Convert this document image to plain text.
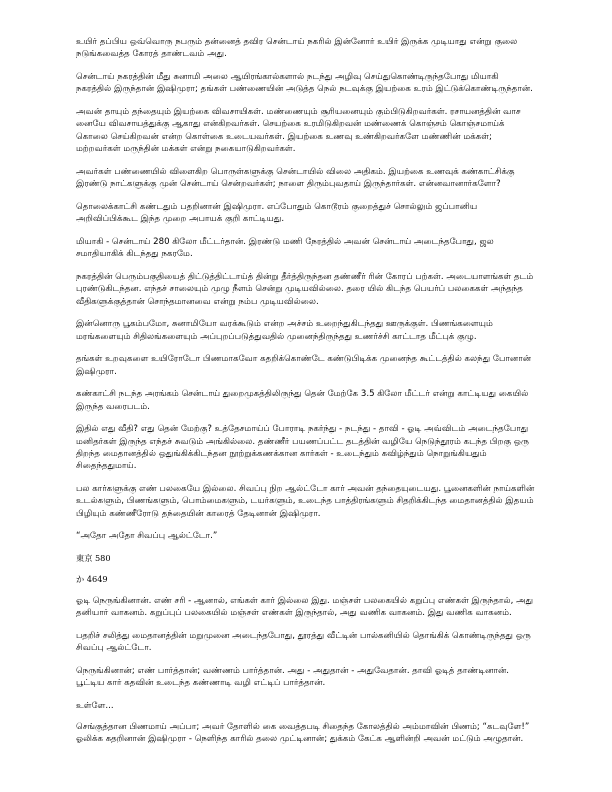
உயிர் தப்பிய ஒவ்வொரு நபரும் தன்னைத் தவிர சென்டாய் நகரில் இன்னோர் உயிர் இருக்க முடியாது என்று குலை நடுங்கவைத்த கோரத் தாண்டவம் அது.

சென்டாய் நகரத்தின் மீது சுனாமி அலை ஆயிரங்கால்களால் நடந்து அழிவு செய்துகொண்டிருந்தபோது மியாகி நகரத்தில் இருந்தான் இஷிமுரா; தங்கள் பண்ணையின் அடுத்த நெல் நடவுக்கு இயற்கை உரம் இட்டுக்கொண்டிருந்தான்.

அவன் தாயும் தந்தையும் இயற்கை விவசாயிகள். மண்ணையும் சூரியனையும் கும்பிடுகிறவர்கள். ரசாயனத்தின் வாச னையே விவசாயத்துக்கு ஆகாது என்கிறவர்கள். செயற்கை உரமிடுகிறவன் மண்ணைக் கொஞ்சம் கொஞ்சமாய்க் கொலை செய்கிறவன் என்ற கொள்கை உடையவர்கள். இயற்கை உணவு உண்கிறவர்களே மண்ணின் மக்கள்; மற்றவர்கள் மருந்தின் மக்கள் என்று நகையாடுகிறவர்கள்.

அவர்கள் பண்ணையில் விளைகிற பொருள்களுக்கு சென்டாயில் விலை அதிகம். இயற்கை உணவுக் கண்காட்சிக்கு இரண்டு நாட்களுக்கு முன் சென்டாய் சென்றவர்கள்; நாளை திரும்புவதாய் இருந்தார்கள். என்னவானார்களோ?

தொலைக்காட்சி கண்டதும் பதறினான் இஷிமுரா. எப்போதும் கொடூரம் குறைத்துச் சொல்லும் ஜப்பானிய அறிவிப்பிக்கூட இந்த முறை அபாயக் குறி காட்டியது.

மியாகி - சென்டாய் 280 கிலோ மீட்டர்தான். இரண்டு மணி நேரத்தில் அவன் சென்டாய் அடைந்தபோது, ஜல சமாதியாகிக் கிடந்தது நகரமே.

நகரத்தின் பெரும்பகுதியைத் திட்டுத்திட்டாய்த் தின்று தீர்த்திருந்தன தண்ணீர் ரின் கோரப் பற்கள். அடையாளங்கள் தடம் புரண்டுகிடந்தன. எந்தச் சாலையும் முழு நீளம் சென்று முடியவில்லை. தரை யில் கிடந்த பெயர்ப் பலகைகள் அந்தந்த வீதிகளுக்குத்தான் சொந்தமானவை என்று நம்ப முடியவில்லை.

இன்னொரு பூகம்பமோ, சுனாமியோ வரக்கூடும் என்ற அச்சம் உறைந்துகிடந்தது ஊருக்குள். பிணங்களையும் மரங்களையும் சிதிலங்களையும் அப்புறப்படுத்துவதில் முனைந்திருந்தது உணர்ச்சி காட்டாத மீட்புக் குழு.

தங்கள் உறவுகளை உயிரோடோ பிணமாகவோ கதறிக்கொண்டே கண்டுபிடிக்க முனைந்த கூட்டத்தில் கலந்து போனான் இஷிமுரா.

கண்காட்சி நடந்த அரங்கம் சென்டாய் துறைமுகத்திலிருந்து தென் மேற்கே 3.5 கிலோ மீட்டர் என்று காட்டியது கையில் இருந்த வரைபடம்.

இதில் எது வீதி? எது தென் மேற்கு? உத்தேசமாய்ப் போராடி நகர்ந்து - நடந்து - தாவி - ஓடி அவ்விடம் அடைந்தபோது மனிதர்கள் இருந்த எந்தச் சுவடும் அங்கில்லை. தண்ணீர் பயணப்பட்ட தடத்தின் வழியே நெடுந்தூரம் கடந்த பிறகு ஒரு திறந்த மைதானத்தில் ஒதுங்கிக்கிடந்தன நூற்றுக்கணக்கான கார்கள் - உடைந்தும் கவிழ்ந்தும் நொறுங்கியதும் சிதைந்ததுமாய்.

பல கார்களுக்கு எண் பலகையே இல்லை. சிவப்பு நிற ஆல்ட்டோ கார் அவன் தந்தையுடையது. பூனைகளின் நாய்களின் உடல்களும், பிணங்களும், பொம்மைகளும், டயர்களும், உடைந்த பாத்திரங்களும் சிதறிக்கிடந்த மைதானத்தில் இதயம் பிழியும் கண்ணீரோடு தந்தையின் காரைத் தேடினான் இஷிமுரா.

“அதோ அதோ சிவப்பு ஆல்ட்டோ.”

東京 580

か 4649

ஓடி நெருங்கினான். எண் சரி - ஆனால், எங்கள் கார் இல்லை இது. மஞ்சள் பலகையில் கறுப்பு எண்கள் இருந்தால், அது தனியார் வாகனம். கறுப்புப் பலகையில் மஞ்சள் எண்கள் இருந்தால், அது வணிக வாகனம். இது வணிக வாகனம்.

பதறிச் சலித்து மைதானத்தின் மறுமுனை அடைந்தபோது, தூரத்து வீட்டின் பால்கனியில் தொங்கிக் கொண்டிருந்தது ஒரு சிவப்பு ஆல்ட்டோ.

நெருங்கினான்; எண் பார்த்தான்; வண்ணம் பார்த்தான். அது - அதுதான் - அதுவேதான். தாவி ஓடித் தாண்டினான். பூட்டிய கார் கதவின் உடைந்த கண்ணாடி வழி எட்டிப் பார்த்தான்.

உள்ளே...

செங்குத்தான பிணமாய் அப்பா; அவர் தோளில் கை வைத்தபடி சிதைந்த கோலத்தில் அம்மாவின் பிணம்; “கடவுளே!” ஓலிக்க கதறினான் இஷிமுரா - நெளிந்த காரில் தலை முட்டினான்; துக்கம் கேட்க ஆளின்றி அவன் மட்டும் அழுதான்.
